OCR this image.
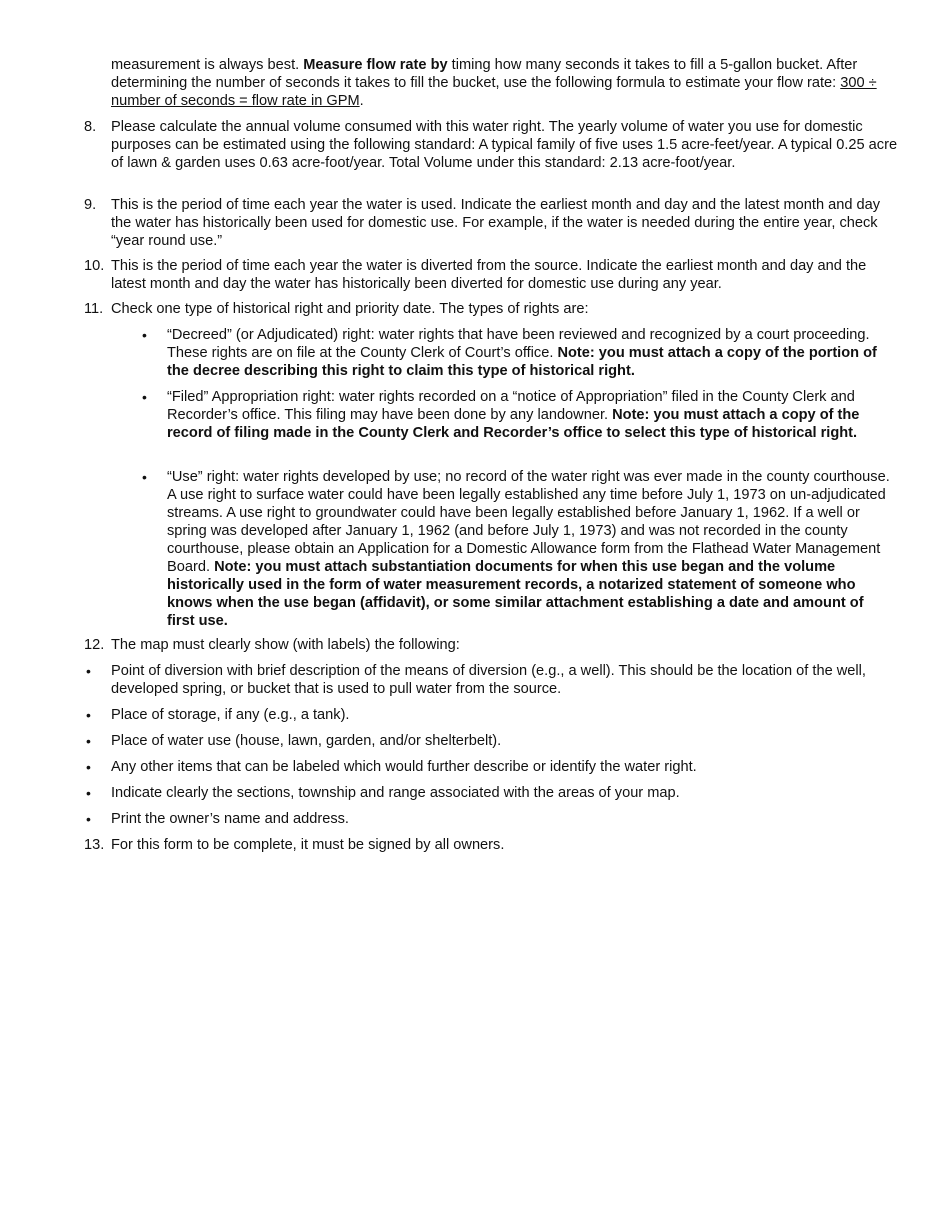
measurement is always best. Measure flow rate by timing how many seconds it takes to fill a 5-gallon bucket. After determining the number of seconds it takes to fill the bucket, use the following formula to estimate your flow rate: 300 ÷ number of seconds = flow rate in GPM.

8.	Please calculate the annual volume consumed with this water right. The yearly volume of water you use for domestic purposes can be estimated using the following standard: A typical family of five uses 1.5 acre-feet/year. A typical 0.25 acre of lawn & garden uses 0.63 acre-foot/year. Total Volume under this standard: 2.13 acre-foot/year.

9.	This is the period of time each year the water is used. Indicate the earliest month and day and the latest month and day the water has historically been used for domestic use. For example, if the water is needed during the entire year, check “year round use.”

10. This is the period of time each year the water is diverted from the source. Indicate the earliest month and day and the latest month and day the water has historically been diverted for domestic use during any year.

11. Check one type of historical right and priority date. The types of rights are:

• “Decreed” (or Adjudicated) right: water rights that have been reviewed and recognized by a court proceeding. These rights are on file at the County Clerk of Court’s office. Note: you must attach a copy of the portion of the decree describing this right to claim this type of historical right.

• “Filed” Appropriation right: water rights recorded on a “notice of Appropriation” filed in the County Clerk and Recorder’s office. This filing may have been done by any landowner. Note: you must attach a copy of the record of filing made in the County Clerk and Recorder’s office to select this type of historical right.

• “Use” right: water rights developed by use; no record of the water right was ever made in the county courthouse. A use right to surface water could have been legally established any time before July 1, 1973 on un-adjudicated streams. A use right to groundwater could have been legally established before January 1, 1962. If a well or spring was developed after January 1, 1962 (and before July 1, 1973) and was not recorded in the county courthouse, please obtain an Application for a Domestic Allowance form from the Flathead Water Management Board. Note: you must attach substantiation documents for when this use began and the volume historically used in the form of water measurement records, a notarized statement of someone who knows when the use began (affidavit), or some similar attachment establishing a date and amount of first use.

12. The map must clearly show (with labels) the following:

• Point of diversion with brief description of the means of diversion (e.g., a well). This should be the location of the well, developed spring, or bucket that is used to pull water from the source.

• Place of storage, if any (e.g., a tank).

• Place of water use (house, lawn, garden, and/or shelterbelt).

• Any other items that can be labeled which would further describe or identify the water right.

• Indicate clearly the sections, township and range associated with the areas of your map.

• Print the owner’s name and address.

13. For this form to be complete, it must be signed by all owners.
